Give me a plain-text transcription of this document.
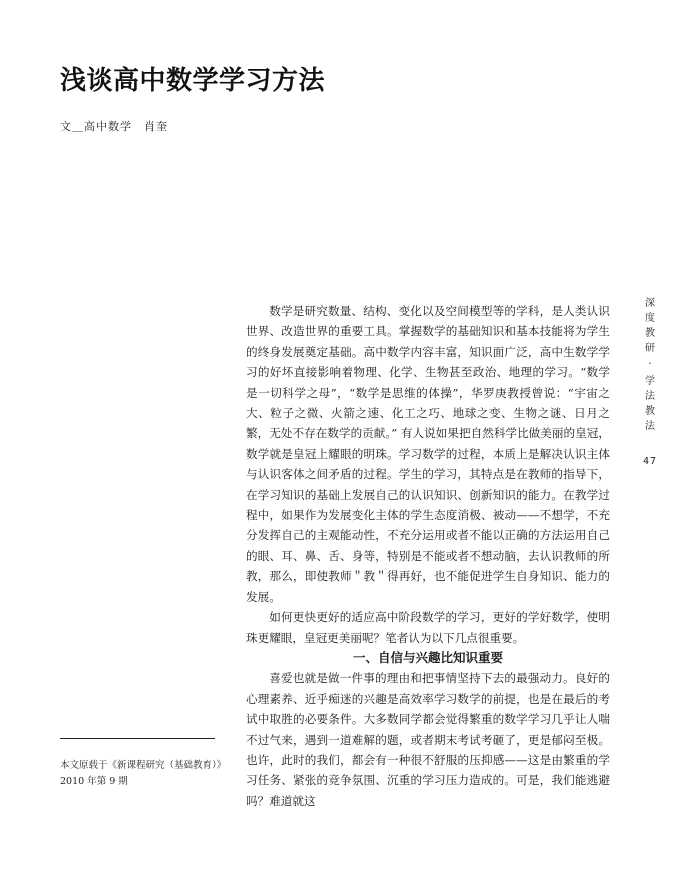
浅谈高中数学学习方法
文＿高中数学　肖奎

数学是研究数量、结构、变化以及空间模型等的学科，是人类认识世界、改造世界的重要工具。掌握数学的基础知识和基本技能将为学生的终身发展奠定基础。高中数学内容丰富，知识面广泛，高中生数学学习的好坏直接影响着物理、化学、生物甚至政治、地理的学习。“数学是一切科学之母”，“数学是思维的体操”，华罗庚教授曾说：“宇宙之大、粒子之微、火箭之速、化工之巧、地球之变、生物之谜、日月之繁，无处不存在数学的贡献。” 有人说如果把自然科学比做美丽的皇冠，数学就是皇冠上耀眼的明珠。学习数学的过程，本质上是解决认识主体与认识客体之间矛盾的过程。学生的学习，其特点是在教师的指导下，在学习知识的基础上发展自己的认识知识、创新知识的能力。在教学过程中，如果作为发展变化主体的学生态度消极、被动——不想学，不充分发挥自己的主观能动性，不充分运用或者不能以正确的方法运用自己的眼、耳、鼻、舌、身等，特别是不能或者不想动脑，去认识教师的所教，那么，即使教师＂教＂得再好，也不能促进学生自身知识、能力的发展。

如何更快更好的适应高中阶段数学的学习，更好的学好数学，使明珠更耀眼，皇冠更美丽呢？笔者认为以下几点很重要。

一、自信与兴趣比知识重要

喜爱也就是做一件事的理由和把事情坚持下去的最强动力。良好的心理素养、近乎痴迷的兴趣是高效率学习数学的前提，也是在最后的考试中取胜的必要条件。大多数同学都会觉得繁重的数学学习几乎让人喘不过气来，遇到一道难解的题，或者期末考试考砸了，更是郁闷至极。也许，此时的我们，都会有一种很不舒服的压抑感——这是由繁重的学习任务、紧张的竞争氛围、沉重的学习压力造成的。可是，我们能逃避吗？难道就这

深度教研
·
学法教法
47
本文原载于《新课程研究（基础教育）》
2010 年第 9 期
